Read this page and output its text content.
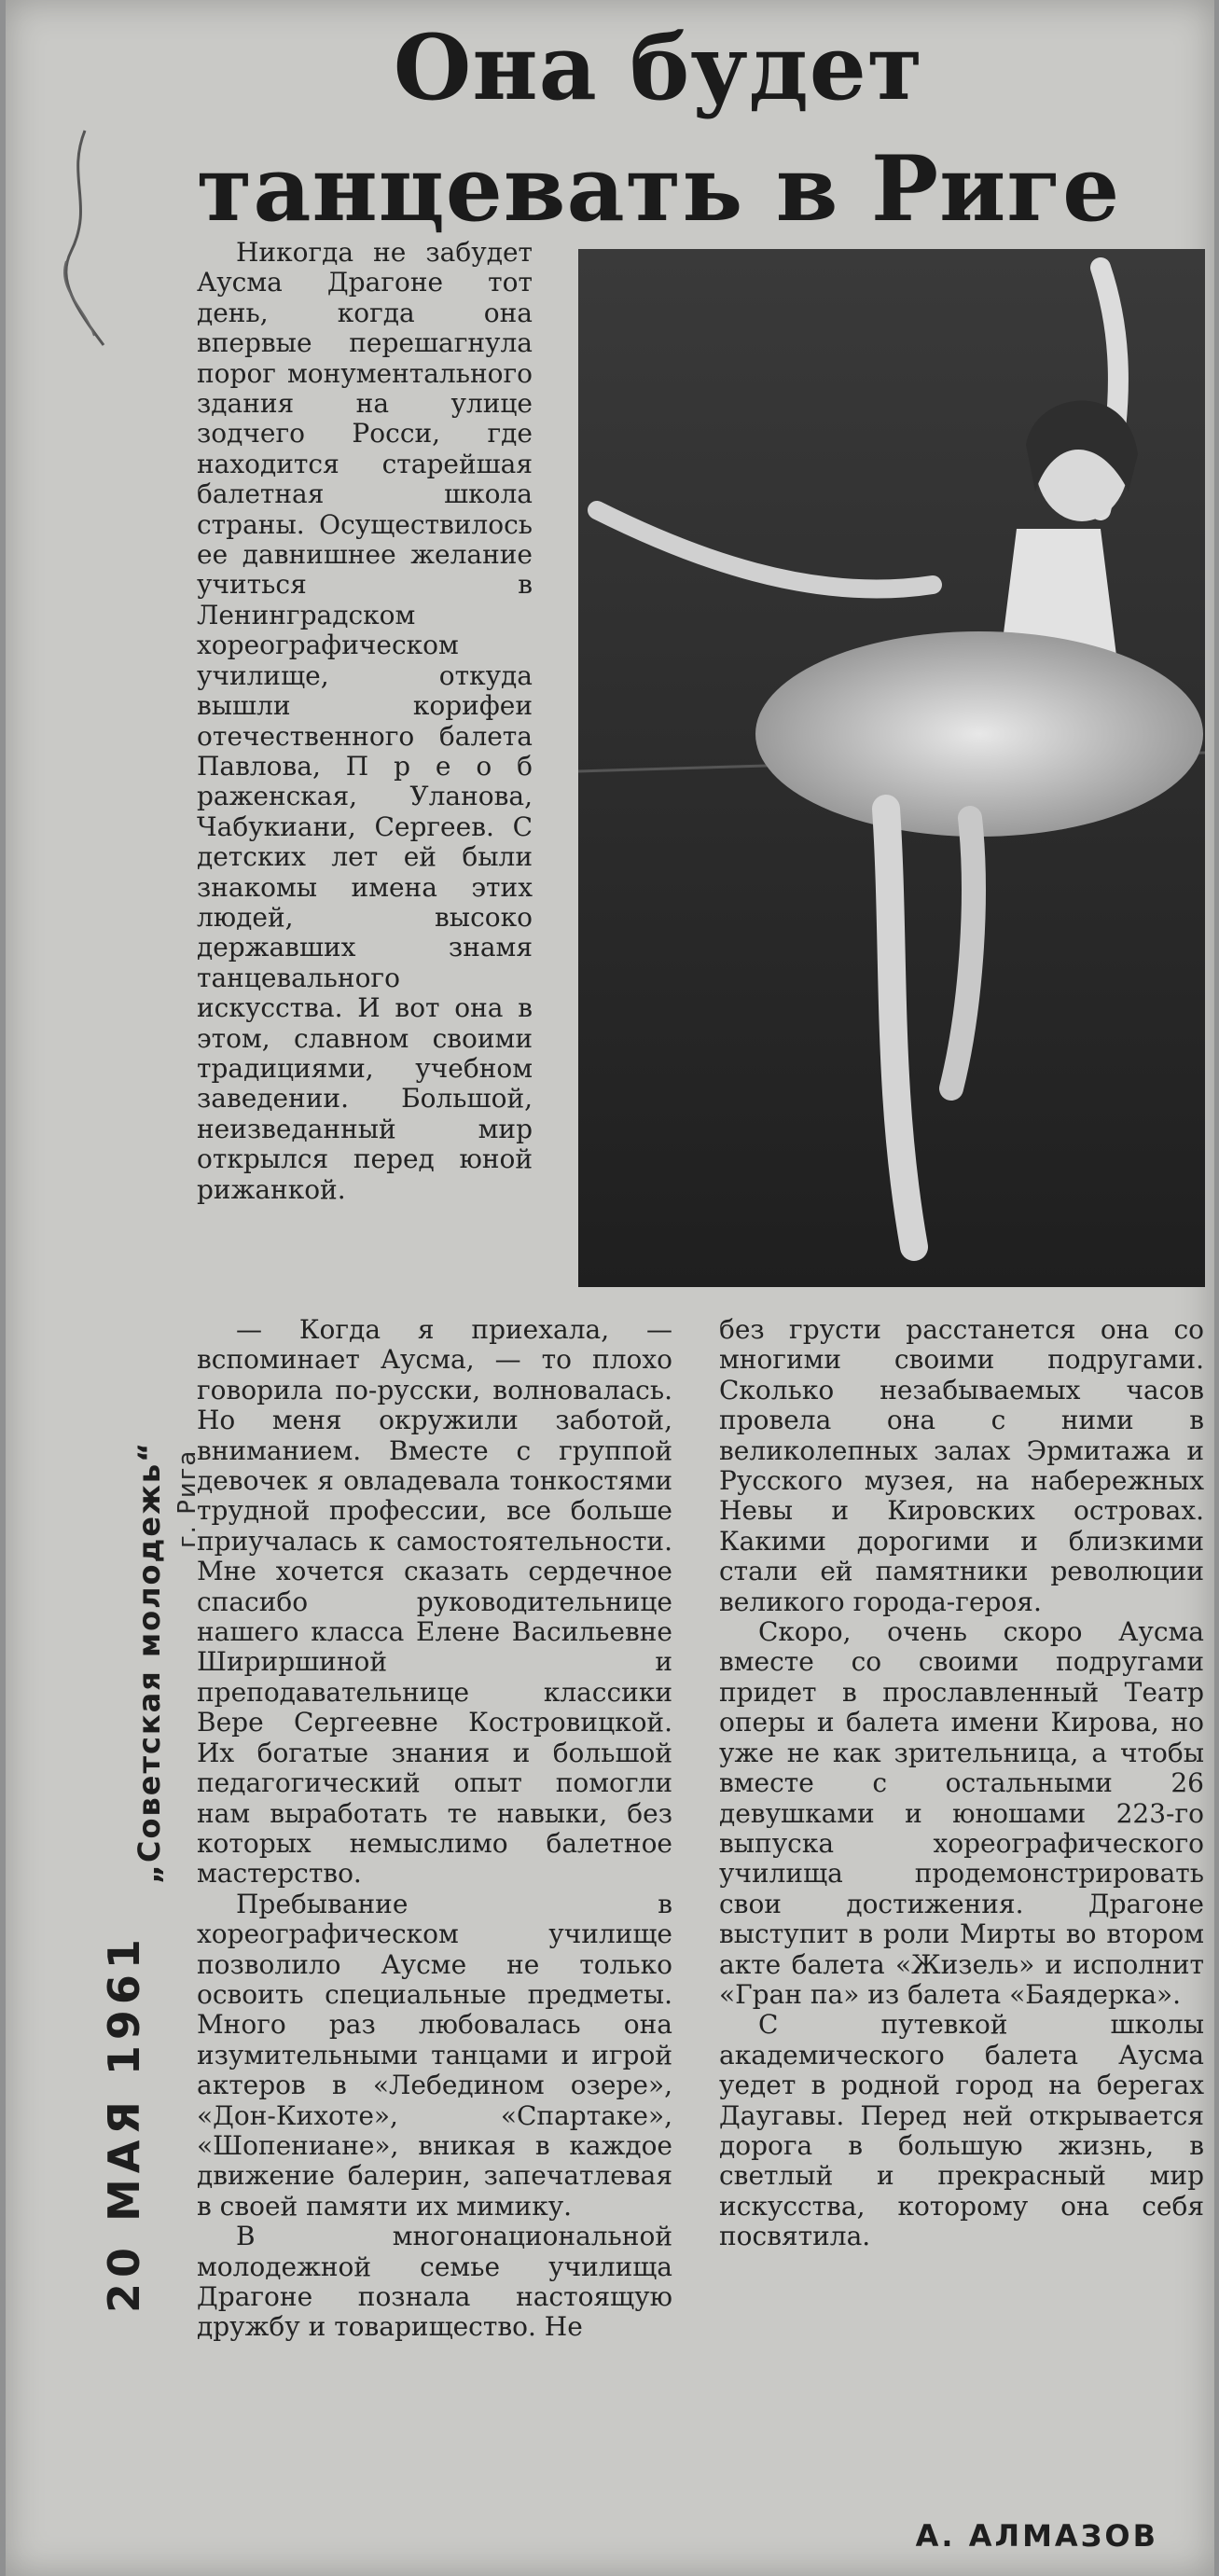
Она будет
танцевать в Риге

Никогда не забудет Аусма Драгоне тот день, когда она впервые перешагнула порог монументального здания на улице зодчего Росси, где находится старейшая балетная школа страны. Осуществилось ее давнишнее желание учиться в Ленинградском хореографическом училище, откуда вышли корифеи отечественного балета Павлова, П р е о б раженская, Уланова, Чабукиани, Сергеев. С детских лет ей были знакомы имена этих людей, высоко державших знамя танцевального искусства. И вот она в этом, славном своими традициями, учебном заведении. Большой, неизведанный мир открылся перед юной рижанкой.

— Когда я приехала, — вспоминает Аусма, — то плохо говорила по-русски, волновалась. Но меня окружили заботой, вниманием. Вместе с группой девочек я овладевала тонкостями трудной профессии, все больше приучалась к самостоятельности. Мне хочется сказать сердечное спасибо руководительнице нашего класса Елене Васильевне Шириршиной и преподавательнице классики Вере Сергеевне Костровицкой. Их богатые знания и большой педагогический опыт помогли нам выработать те навыки, без которых немыслимо балетное мастерство.

Пребывание в хореографическом училище позволило Аусме не только освоить специальные предметы. Много раз любовалась она изумительными танцами и игрой актеров в «Лебедином озере», «Дон-Кихоте», «Спартаке», «Шопениане», вникая в каждое движение балерин, запечатлевая в своей памяти их мимику.

В многонациональной молодежной семье училища Драгоне познала настоящую дружбу и товарищество. Не

без грусти расстанется она со многими своими подругами. Сколько незабываемых часов провела она с ними в великолепных залах Эрмитажа и Русского музея, на набережных Невы и Кировских островах. Какими дорогими и близкими стали ей памятники революции великого города-героя.

Скоро, очень скоро Аусма вместе со своими подругами придет в прославленный Театр оперы и балета имени Кирова, но уже не как зрительница, а чтобы вместе с остальными 26 девушками и юношами 223-го выпуска хореографического училища продемонстрировать свои достижения. Драгоне выступит в роли Мирты во втором акте балета «Жизель» и исполнит «Гран па» из балета «Баядерка».

С путевкой школы академического балета Аусма уедет в родной город на берегах Даугавы. Перед ней открывается дорога в большую жизнь, в светлый и прекрасный мир искусства, которому она себя посвятила.

А. АЛМАЗОВ
20 МАЯ 1961
„Советская молодежь“ г. Рига
